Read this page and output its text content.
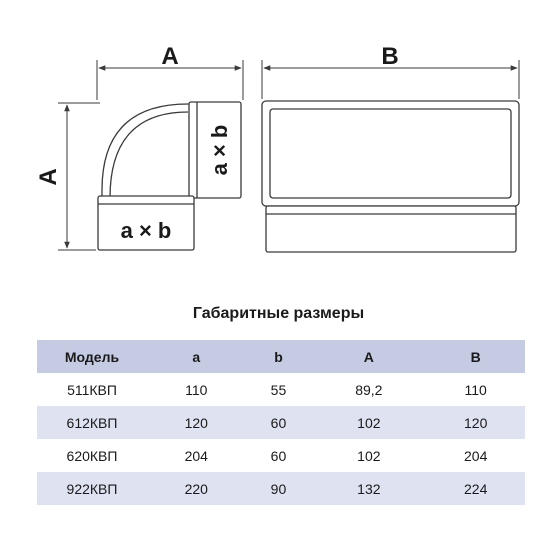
A
A
a × b
a × b
B
Габаритные размеры
Модель	a	b	A	B
511КВП	110	55	89,2	110
612КВП	120	60	102	120
620КВП	204	60	102	204
922КВП	220	90	132	224
